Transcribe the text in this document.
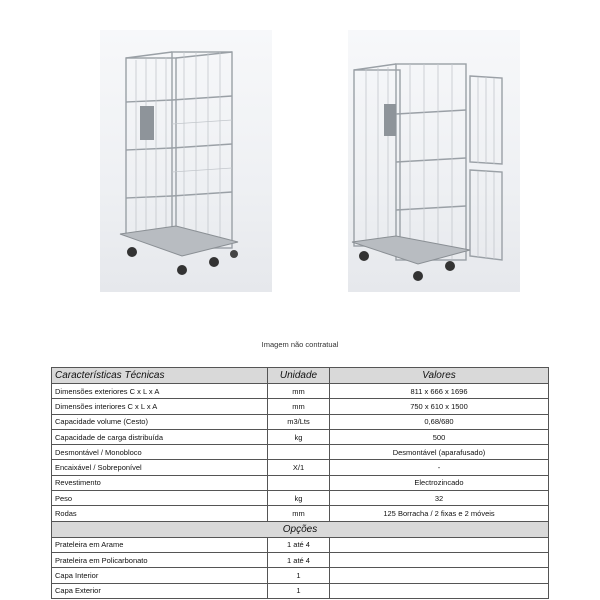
Imagem não contratual
Características Técnicas	Unidade	Valores
Dimensões exteriores C x L x A	mm	811 x 666 x 1696
Dimensões interiores C x L x A	mm	750 x 610 x 1500
Capacidade volume (Cesto)	m3/Lts	0,68/680
Capacidade de carga distribuída	kg	500
Desmontável / Monobloco		Desmontável (aparafusado)
Encaixável / Sobreponível	X/1	-
Revestimento		Electrozincado
Peso	kg	32
Rodas	mm	125 Borracha / 2 fixas e 2 móveis
Opções		
Prateleira em Arame	1 até 4	
Prateleira em Policarbonato	1 até 4	
Capa Interior	1	
Capa Exterior	1	
